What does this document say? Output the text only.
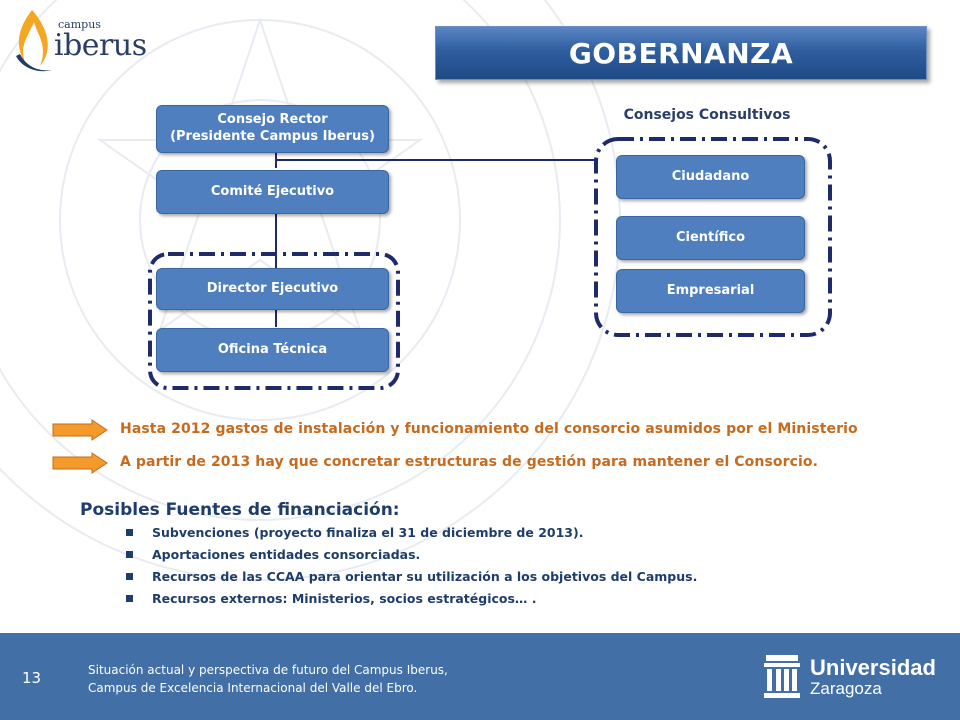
campus
iberus	GOBERNANZA
Consejo Rector
(Presidente Campus Iberus)
Comité Ejecutivo
Director Ejecutivo
Oficina Técnica
Consejos Consultivos
Ciudadano
Científico
Empresarial
Hasta 2012 gastos de instalación y funcionamiento del consorcio asumidos por el Ministerio
A partir de 2013 hay que concretar estructuras de gestión para mantener el Consorcio.
Posibles Fuentes de financiación:
Subvenciones (proyecto finaliza el 31 de diciembre de 2013).
Aportaciones entidades consorciadas.
Recursos de las CCAA para orientar su utilización a los objetivos del Campus.
Recursos externos: Ministerios, socios estratégicos… .
13	Situación actual y perspectiva de futuro del Campus Iberus,
Campus de Excelencia Internacional del Valle del Ebro.
Universidad
Zaragoza
